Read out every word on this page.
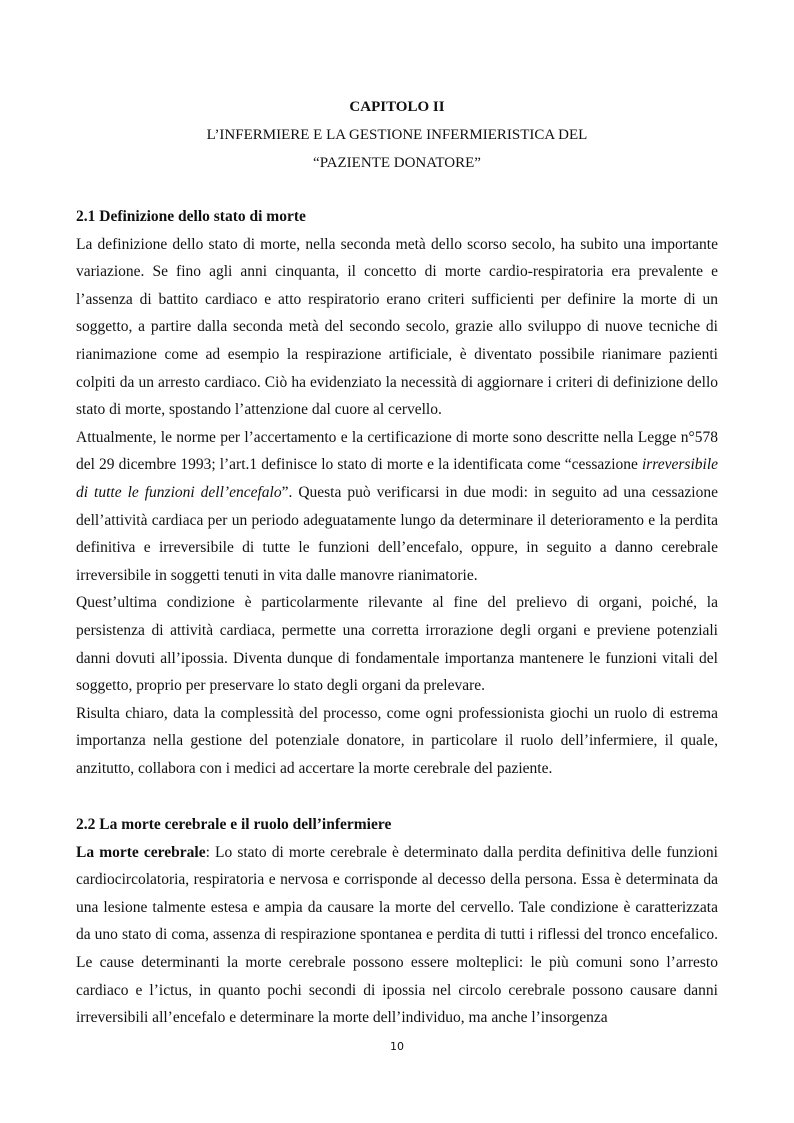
CAPITOLO II
L’INFERMIERE E LA GESTIONE INFERMIERISTICA DEL
“PAZIENTE DONATORE”

2.1 Definizione dello stato di morte

La definizione dello stato di morte, nella seconda metà dello scorso secolo, ha subito una importante variazione. Se fino agli anni cinquanta, il concetto di morte cardio-respiratoria era prevalente e l’assenza di battito cardiaco e atto respiratorio erano criteri sufficienti per definire la morte di un soggetto, a partire dalla seconda metà del secondo secolo, grazie allo sviluppo di nuove tecniche di rianimazione come ad esempio la respirazione artificiale, è diventato possibile rianimare pazienti colpiti da un arresto cardiaco. Ciò ha evidenziato la necessità di aggiornare i criteri di definizione dello stato di morte, spostando l’attenzione dal cuore al cervello.

Attualmente, le norme per l’accertamento e la certificazione di morte sono descritte nella Legge n°578 del 29 dicembre 1993; l’art.1 definisce lo stato di morte e la identificata come “cessazione irreversibile di tutte le funzioni dell’encefalo”. Questa può verificarsi in due modi: in seguito ad una cessazione dell’attività cardiaca per un periodo adeguatamente lungo da determinare il deterioramento e la perdita definitiva e irreversibile di tutte le funzioni dell’encefalo, oppure, in seguito a danno cerebrale irreversibile in soggetti tenuti in vita dalle manovre rianimatorie.

Quest’ultima condizione è particolarmente rilevante al fine del prelievo di organi, poiché, la persistenza di attività cardiaca, permette una corretta irrorazione degli organi e previene potenziali danni dovuti all’ipossia. Diventa dunque di fondamentale importanza mantenere le funzioni vitali del soggetto, proprio per preservare lo stato degli organi da prelevare.

Risulta chiaro, data la complessità del processo, come ogni professionista giochi un ruolo di estrema importanza nella gestione del potenziale donatore, in particolare il ruolo dell’infermiere, il quale, anzitutto, collabora con i medici ad accertare la morte cerebrale del paziente.

2.2 La morte cerebrale e il ruolo dell’infermiere

La morte cerebrale: Lo stato di morte cerebrale è determinato dalla perdita definitiva delle funzioni cardiocircolatoria, respiratoria e nervosa e corrisponde al decesso della persona. Essa è determinata da una lesione talmente estesa e ampia da causare la morte del cervello. Tale condizione è caratterizzata da uno stato di coma, assenza di respirazione spontanea e perdita di tutti i riflessi del tronco encefalico. Le cause determinanti la morte cerebrale possono essere molteplici: le più comuni sono l’arresto cardiaco e l’ictus, in quanto pochi secondi di ipossia nel circolo cerebrale possono causare danni irreversibili all’encefalo e determinare la morte dell’individuo, ma anche l’insorgenza

10
